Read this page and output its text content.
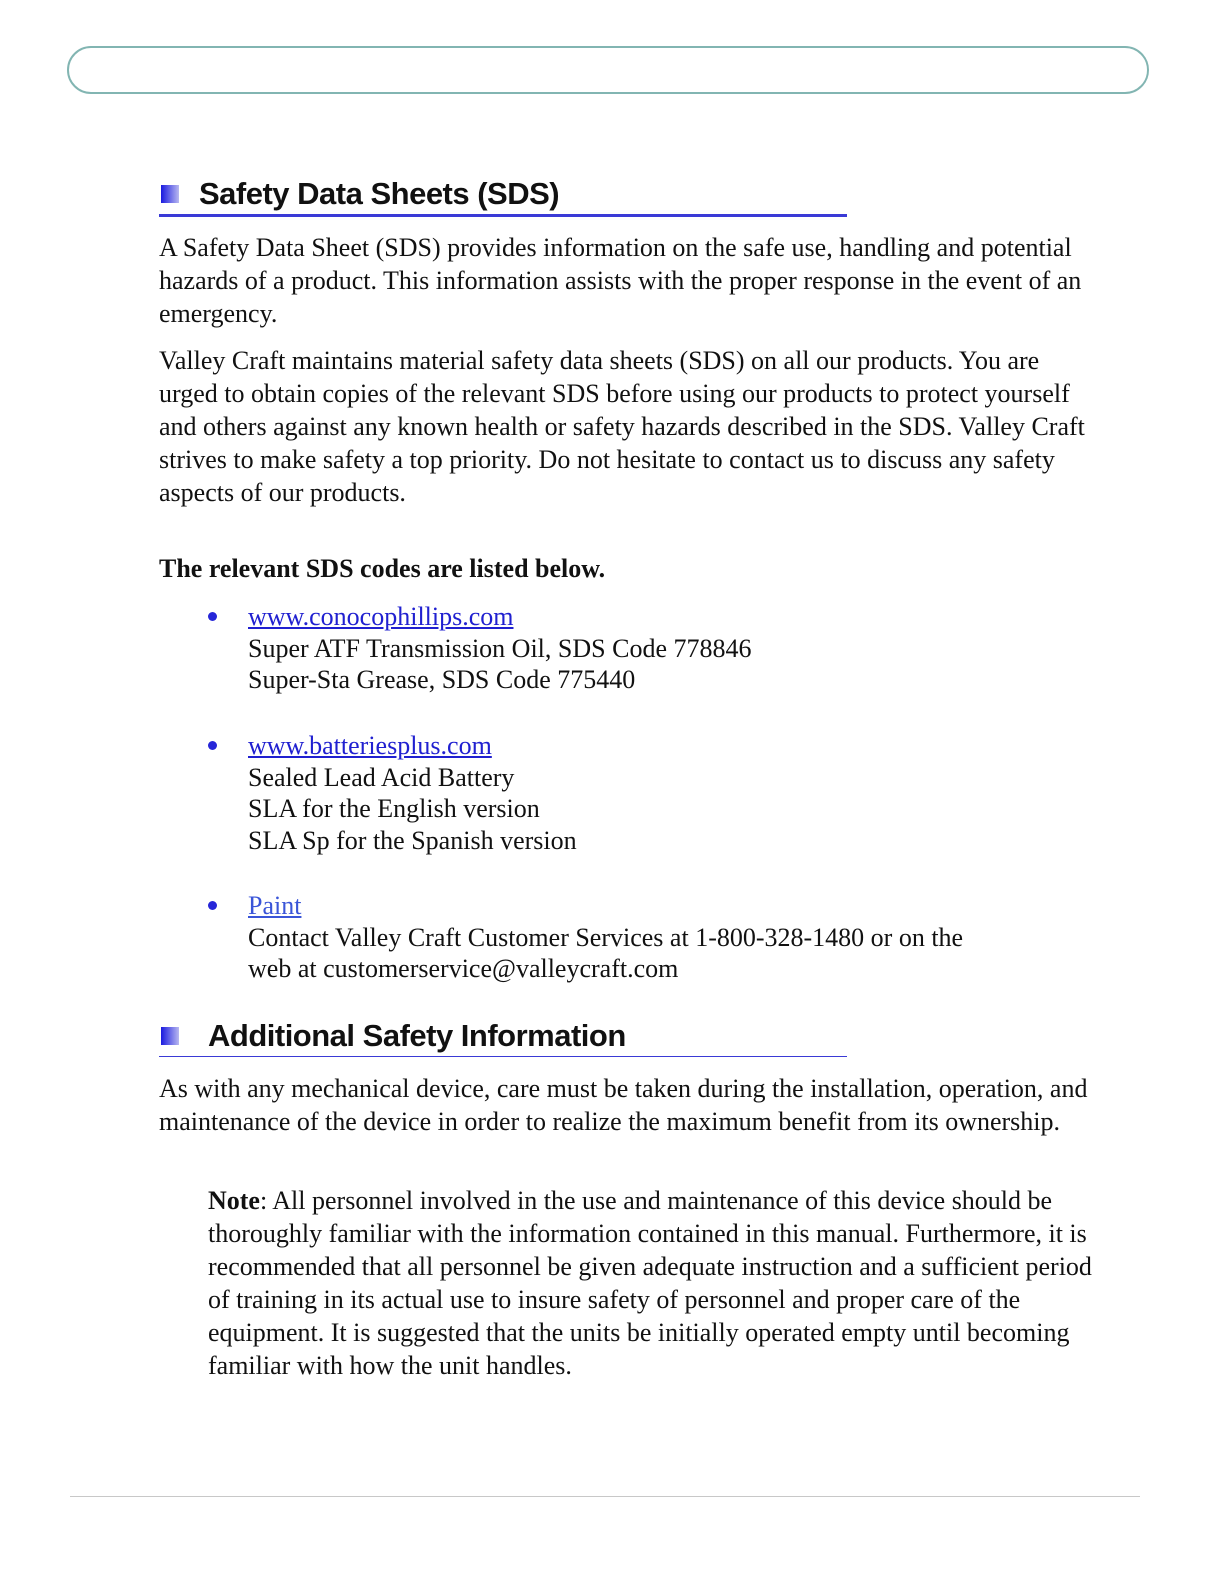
Safety Data Sheets (SDS)

A Safety Data Sheet (SDS) provides information on the safe use, handling and potential hazards of a product. This information assists with the proper response in the event of an emergency.

Valley Craft maintains material safety data sheets (SDS) on all our products. You are urged to obtain copies of the relevant SDS before using our products to protect yourself and others against any known health or safety hazards described in the SDS. Valley Craft strives to make safety a top priority. Do not hesitate to contact us to discuss any safety aspects of our products.

The relevant SDS codes are listed below.

www.conocophillips.com
Super ATF Transmission Oil, SDS Code 778846
Super-Sta Grease, SDS Code 775440
www.batteriesplus.com
Sealed Lead Acid Battery
SLA for the English version
SLA Sp for the Spanish version
Paint
Contact Valley Craft Customer Services at 1-800-328-1480 or on the
web at customerservice@valleycraft.com
Additional Safety Information

As with any mechanical device, care must be taken during the installation, operation, and maintenance of the device in order to realize the maximum benefit from its ownership.

Note: All personnel involved in the use and maintenance of this device should be thoroughly familiar with the information contained in this manual. Furthermore, it is recommended that all personnel be given adequate instruction and a sufficient period of training in its actual use to insure safety of personnel and proper care of the equipment. It is suggested that the units be initially operated empty until becoming familiar with how the unit handles.
